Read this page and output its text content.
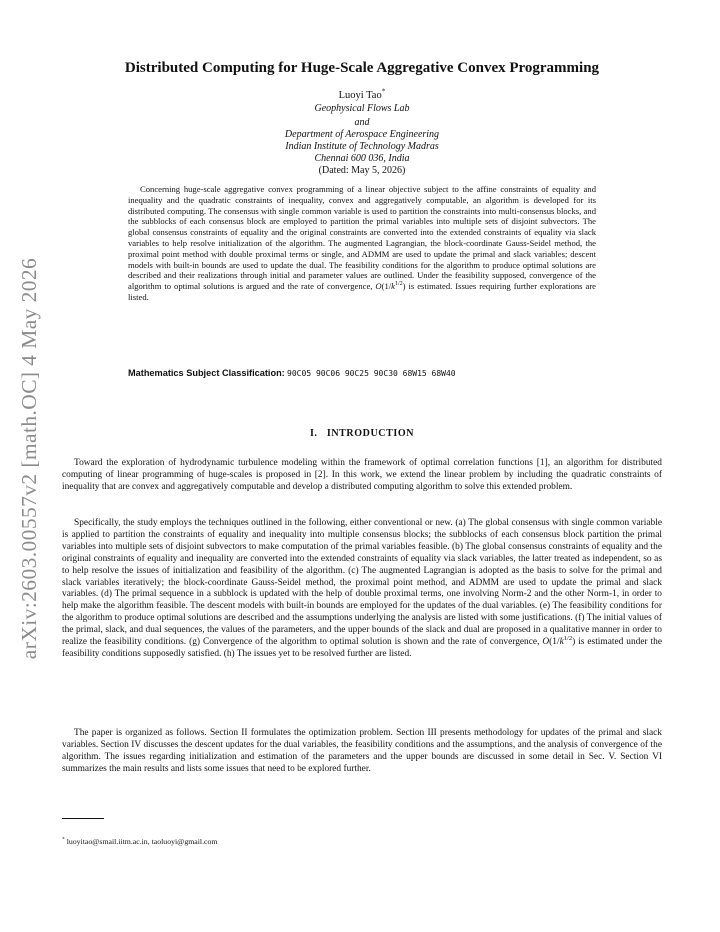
arXiv:2603.00557v2 [math.OC] 4 May 2026
Distributed Computing for Huge-Scale Aggregative Convex Programming
Luoyi Tao*
Geophysical Flows Lab
and
Department of Aerospace Engineering
Indian Institute of Technology Madras
Chennai 600 036, India
(Dated: May 5, 2026)

Concerning huge-scale aggregative convex programming of a linear objective subject to the affine constraints of equality and inequality and the quadratic constraints of inequality, convex and aggregatively computable, an algorithm is developed for its distributed computing. The consensus with single common variable is used to partition the constraints into multi-consensus blocks, and the subblocks of each consensus block are employed to partition the primal variables into multiple sets of disjoint subvectors. The global consensus constraints of equality and the original constraints are converted into the extended constraints of equality via slack variables to help resolve initialization of the algorithm. The augmented Lagrangian, the block-coordinate Gauss-Seidel method, the proximal point method with double proximal terms or single, and ADMM are used to update the primal and slack variables; descent models with built-in bounds are used to update the dual. The feasibility conditions for the algorithm to produce optimal solutions are described and their realizations through initial and parameter values are outlined. Under the feasibility supposed, convergence of the algorithm to optimal solutions is argued and the rate of convergence, $O(1/k^{1/2})$ is estimated. Issues requiring further explorations are listed.

Mathematics Subject Classification: 90C05 90C06 90C25 90C30 68W15 68W40
I. INTRODUCTION

Toward the exploration of hydrodynamic turbulence modeling within the framework of optimal correlation functions [1], an algorithm for distributed computing of linear programming of huge-scales is proposed in [2]. In this work, we extend the linear problem by including the quadratic constraints of inequality that are convex and aggregatively computable and develop a distributed computing algorithm to solve this extended problem.

Specifically, the study employs the techniques outlined in the following, either conventional or new. (a) The global consensus with single common variable is applied to partition the constraints of equality and inequality into multiple consensus blocks; the subblocks of each consensus block partition the primal variables into multiple sets of disjoint subvectors to make computation of the primal variables feasible. (b) The global consensus constraints of equality and the original constraints of equality and inequality are converted into the extended constraints of equality via slack variables, the latter treated as independent, so as to help resolve the issues of initialization and feasibility of the algorithm. (c) The augmented Lagrangian is adopted as the basis to solve for the primal and slack variables iteratively; the block-coordinate Gauss-Seidel method, the proximal point method, and ADMM are used to update the primal and slack variables. (d) The primal sequence in a subblock is updated with the help of double proximal terms, one involving Norm-2 and the other Norm-1, in order to help make the algorithm feasible. The descent models with built-in bounds are employed for the updates of the dual variables. (e) The feasibility conditions for the algorithm to produce optimal solutions are described and the assumptions underlying the analysis are listed with some justifications. (f) The initial values of the primal, slack, and dual sequences, the values of the parameters, and the upper bounds of the slack and dual are proposed in a qualitative manner in order to realize the feasibility conditions. (g) Convergence of the algorithm to optimal solution is shown and the rate of convergence, $O(1/k^{1/2})$ is estimated under the feasibility conditions supposedly satisfied. (h) The issues yet to be resolved further are listed.

The paper is organized as follows. Section II formulates the optimization problem. Section III presents methodology for updates of the primal and slack variables. Section IV discusses the descent updates for the dual variables, the feasibility conditions and the assumptions, and the analysis of convergence of the algorithm. The issues regarding initialization and estimation of the parameters and the upper bounds are discussed in some detail in Sec. V. Section VI summarizes the main results and lists some issues that need to be explored further.

* luoyitao@smail.iitm.ac.in, taoluoyi@gmail.com
